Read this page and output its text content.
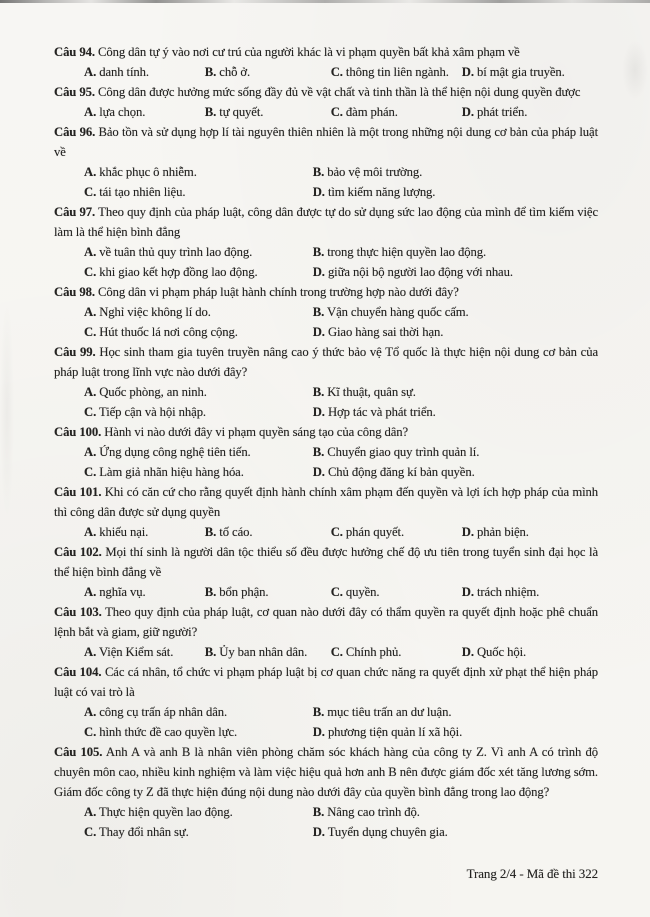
Câu 94. Công dân tự ý vào nơi cư trú của người khác là vi phạm quyền bất khả xâm phạm về

A. danh tính.	B. chỗ ở.	C. thông tin liên ngành.	D. bí mật gia truyền.

Câu 95. Công dân được hưởng mức sống đầy đủ về vật chất và tinh thần là thể hiện nội dung quyền được

A. lựa chọn.	B. tự quyết.	C. đàm phán.	D. phát triển.

Câu 96. Bảo tồn và sử dụng hợp lí tài nguyên thiên nhiên là một trong những nội dung cơ bản của pháp luật về

A. khắc phục ô nhiễm.	B. bảo vệ môi trường.

C. tái tạo nhiên liệu.	D. tìm kiếm năng lượng.

Câu 97. Theo quy định của pháp luật, công dân được tự do sử dụng sức lao động của mình để tìm kiếm việc làm là thể hiện bình đẳng

A. về tuân thủ quy trình lao động.	B. trong thực hiện quyền lao động.

C. khi giao kết hợp đồng lao động.	D. giữa nội bộ người lao động với nhau.

Câu 98. Công dân vi phạm pháp luật hành chính trong trường hợp nào dưới đây?

A. Nghỉ việc không lí do.	B. Vận chuyển hàng quốc cấm.

C. Hút thuốc lá nơi công cộng.	D. Giao hàng sai thời hạn.

Câu 99. Học sinh tham gia tuyên truyền nâng cao ý thức bảo vệ Tổ quốc là thực hiện nội dung cơ bản của pháp luật trong lĩnh vực nào dưới đây?

A. Quốc phòng, an ninh.	B. Kĩ thuật, quân sự.

C. Tiếp cận và hội nhập.	D. Hợp tác và phát triển.

Câu 100. Hành vi nào dưới đây vi phạm quyền sáng tạo của công dân?

A. Ứng dụng công nghệ tiên tiến.	B. Chuyển giao quy trình quản lí.

C. Làm giả nhãn hiệu hàng hóa.	D. Chủ động đăng kí bản quyền.

Câu 101. Khi có căn cứ cho rằng quyết định hành chính xâm phạm đến quyền và lợi ích hợp pháp của mình thì công dân được sử dụng quyền

A. khiếu nại.	B. tố cáo.	C. phán quyết.	D. phản biện.

Câu 102. Mọi thí sinh là người dân tộc thiểu số đều được hưởng chế độ ưu tiên trong tuyển sinh đại học là thể hiện bình đẳng về

A. nghĩa vụ.	B. bổn phận.	C. quyền.	D. trách nhiệm.

Câu 103. Theo quy định của pháp luật, cơ quan nào dưới đây có thẩm quyền ra quyết định hoặc phê chuẩn lệnh bắt và giam, giữ người?

A. Viện Kiểm sát.	B. Ủy ban nhân dân.	C. Chính phủ.	D. Quốc hội.

Câu 104. Các cá nhân, tổ chức vi phạm pháp luật bị cơ quan chức năng ra quyết định xử phạt thể hiện pháp luật có vai trò là

A. công cụ trấn áp nhân dân.	B. mục tiêu trấn an dư luận.

C. hình thức đề cao quyền lực.	D. phương tiện quản lí xã hội.

Câu 105. Anh A và anh B là nhân viên phòng chăm sóc khách hàng của công ty Z. Vì anh A có trình độ chuyên môn cao, nhiều kinh nghiệm và làm việc hiệu quả hơn anh B nên được giám đốc xét tăng lương sớm. Giám đốc công ty Z đã thực hiện đúng nội dung nào dưới đây của quyền bình đẳng trong lao động?

A. Thực hiện quyền lao động.	B. Nâng cao trình độ.

C. Thay đổi nhân sự.	D. Tuyển dụng chuyên gia.

Trang 2/4 - Mã đề thi 322
